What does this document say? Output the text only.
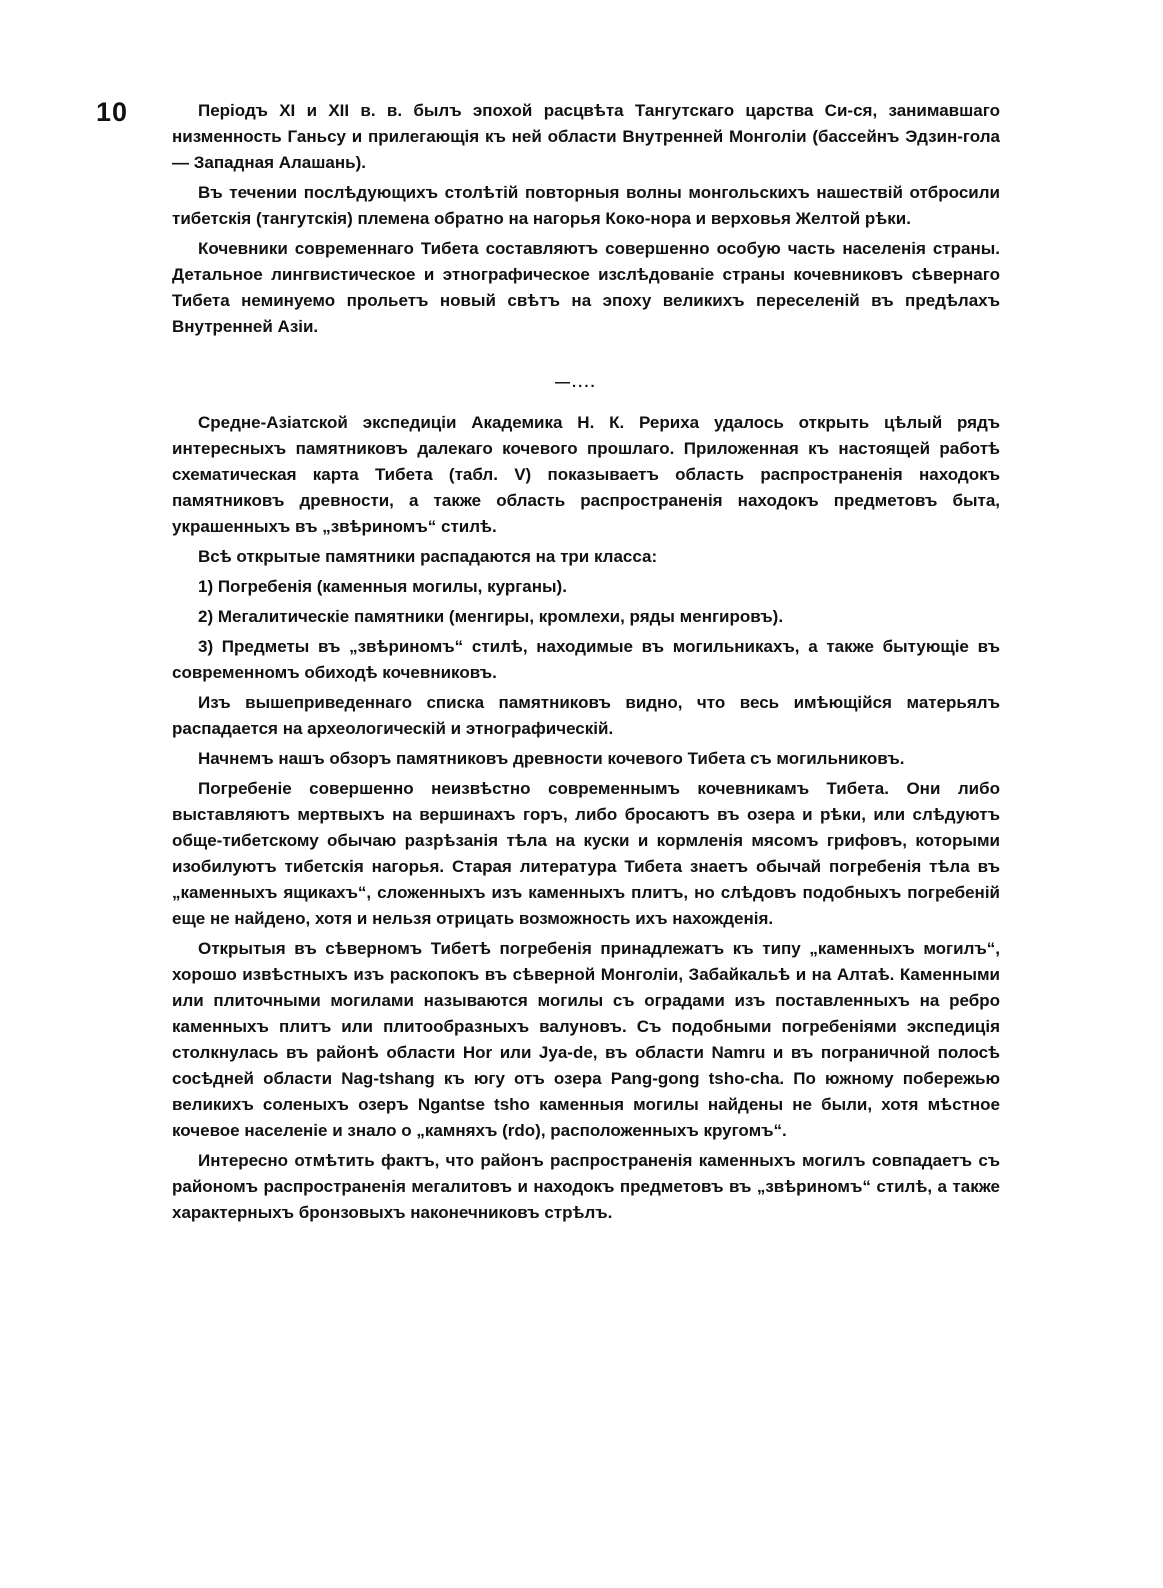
10	Періодъ XI и XII в. в. былъ эпохой расцвѣта Тангутскаго царства Си-ся, занимавшаго низменность Ганьсу и прилегающія къ ней области Внутренней Монголіи (бассейнъ Эдзин-гола — Западная Алашань).

Въ течении послѣдующихъ столѣтій повторныя волны монгольскихъ нашествій отбросили тибетскія (тангутскія) племена обратно на нагорья Коко-нора и верховья Желтой рѣки.

Кочевники современнаго Тибета составляютъ совершенно особую часть населенія страны. Детальное лингвистическое и этнографическое изслѣдованіе страны кочевниковъ сѣвернаго Тибета неминуемо прольетъ новый свѣтъ на эпоху великихъ переселеній въ предѣлахъ Внутренней Азіи.

—....

Средне-Азіатской экспедиціи Академика Н. К. Рериха удалось открыть цѣлый рядъ интересныхъ памятниковъ далекаго кочевого прошлаго. Приложенная къ настоящей работѣ схематическая карта Тибета (табл. V) показываетъ область распространенія находокъ памятниковъ древности, а также область распространенія находокъ предметовъ быта, украшенныхъ въ „звѣриномъ“ стилѣ.

Всѣ открытые памятники распадаются на три класса:

1) Погребенія (каменныя могилы, курганы).

2) Мегалитическіе памятники (менгиры, кромлехи, ряды менгировъ).

3) Предметы въ „звѣриномъ“ стилѣ, находимые въ могильникахъ, а также бытующіе въ современномъ обиходѣ кочевниковъ.

Изъ вышеприведеннаго списка памятниковъ видно, что весь имѣющійся матерьялъ распадается на археологическій и этнографическій.

Начнемъ нашъ обзоръ памятниковъ древности кочевого Тибета съ могильниковъ.

Погребеніе совершенно неизвѣстно современнымъ кочевникамъ Тибета. Они либо выставляютъ мертвыхъ на вершинахъ горъ, либо бросаютъ въ озера и рѣки, или слѣдуютъ обще-тибетскому обычаю разрѣзанія тѣла на куски и кормленія мясомъ грифовъ, которыми изобилуютъ тибетскія нагорья. Старая литература Тибета знаетъ обычай погребенія тѣла въ „каменныхъ ящикахъ“, сложенныхъ изъ каменныхъ плитъ, но слѣдовъ подобныхъ погребеній еще не найдено, хотя и нельзя отрицать возможность ихъ нахожденія.

Открытыя въ сѣверномъ Тибетѣ погребенія принадлежатъ къ типу „каменныхъ могилъ“, хорошо извѣстныхъ изъ раскопокъ въ сѣверной Монголіи, Забайкальѣ и на Алтаѣ. Каменными или плиточными могилами называются могилы съ оградами изъ поставленныхъ на ребро каменныхъ плитъ или плитообразныхъ валуновъ. Съ подобными погребеніями экспедиція столкнулась въ районѣ области Hor или Jya-de, въ области Namru и въ пограничной полосѣ сосѣдней области Nag-tshang къ югу отъ озера Pang-gong tsho-cha. По южному побережью великихъ соленыхъ озеръ Ngantse tsho каменныя могилы найдены не были, хотя мѣстное кочевое населеніе и знало о „камняхъ (rdo), расположенныхъ кругомъ“.

Интересно отмѣтить фактъ, что районъ распространенія каменныхъ могилъ совпадаетъ съ райономъ распространенія мегалитовъ и находокъ предметовъ въ „звѣриномъ“ стилѣ, а также характерныхъ бронзовыхъ наконечниковъ стрѣлъ.
